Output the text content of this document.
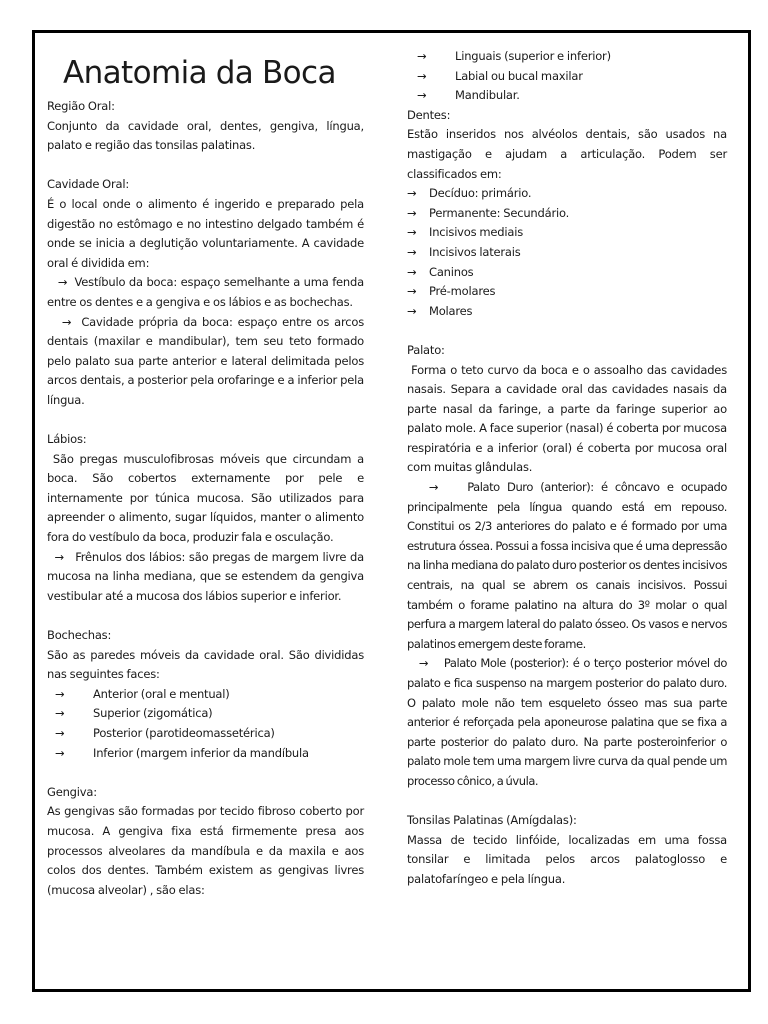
Anatomia da Boca
Região Oral:

Conjunto da cavidade oral, dentes, gengiva, língua, palato e região das tonsilas palatinas.

Cavidade Oral:

É o local onde o alimento é ingerido e preparado pela digestão no estômago e no intestino delgado também é onde se inicia a deglutição voluntariamente. A cavidade oral é dividida em:

→ Vestíbulo da boca: espaço semelhante a uma fenda entre os dentes e a gengiva e os lábios e as bochechas.

→ Cavidade própria da boca: espaço entre os arcos dentais (maxilar e mandibular), tem seu teto formado pelo palato sua parte anterior e lateral delimitada pelos arcos dentais, a posterior pela orofaringe e a inferior pela língua.

Lábios:

São pregas musculofibrosas móveis que circundam a boca. São cobertos externamente por pele e internamente por túnica mucosa. São utilizados para apreender o alimento, sugar líquidos, manter o alimento fora do vestíbulo da boca, produzir fala e osculação.

→ Frênulos dos lábios: são pregas de margem livre da mucosa na linha mediana, que se estendem da gengiva vestibular até a mucosa dos lábios superior e inferior.

Bochechas:

São as paredes móveis da cavidade oral. São divididas nas seguintes faces:

→ Anterior (oral e mentual)
→ Superior (zigomática)
→ Posterior (parotideomassetérica)
→ Inferior (margem inferior da mandíbula
Gengiva:

As gengivas são formadas por tecido fibroso coberto por mucosa. A gengiva fixa está firmemente presa aos processos alveolares da mandíbula e da maxila e aos colos dos dentes. Também existem as gengivas livres (mucosa alveolar) , são elas:

→ Linguais (superior e inferior)
→ Labial ou bucal maxilar
→ Mandibular.
Dentes:

Estão inseridos nos alvéolos dentais, são usados na mastigação e ajudam a articulação. Podem ser classificados em:

→ Decíduo: primário.
→ Permanente: Secundário.
→ Incisivos mediais
→ Incisivos laterais
→ Caninos
→ Pré-molares
→ Molares
Palato:

Forma o teto curvo da boca e o assoalho das cavidades nasais. Separa a cavidade oral das cavidades nasais da parte nasal da faringe, a parte da faringe superior ao palato mole. A face superior (nasal) é coberta por mucosa respiratória e a inferior (oral) é coberta por mucosa oral com muitas glândulas.

→	Palato Duro (anterior): é côncavo e ocupado principalmente pela língua quando está em repouso. Constitui os 2/3 anteriores do palato e é formado por uma estrutura óssea. Possui a fossa incisiva que é uma depressão na linha mediana do palato duro posterior os dentes incisivos centrais, na qual se abrem os canais incisivos. Possui também o forame palatino na altura do 3º molar o qual perfura a margem lateral do palato ósseo. Os vasos e nervos palatinos emergem deste forame.

→ Palato Mole (posterior): é o terço posterior móvel do palato e fica suspenso na margem posterior do palato duro. O palato mole não tem esqueleto ósseo mas sua parte anterior é reforçada pela aponeurose palatina que se fixa a parte posterior do palato duro. Na parte posteroinferior o palato mole tem uma margem livre curva da qual pende um processo cônico, a úvula.

Tonsilas Palatinas (Amígdalas):

Massa de tecido linfóide, localizadas em uma fossa tonsilar e limitada pelos arcos palatoglosso e palatofaríngeo e pela língua.
